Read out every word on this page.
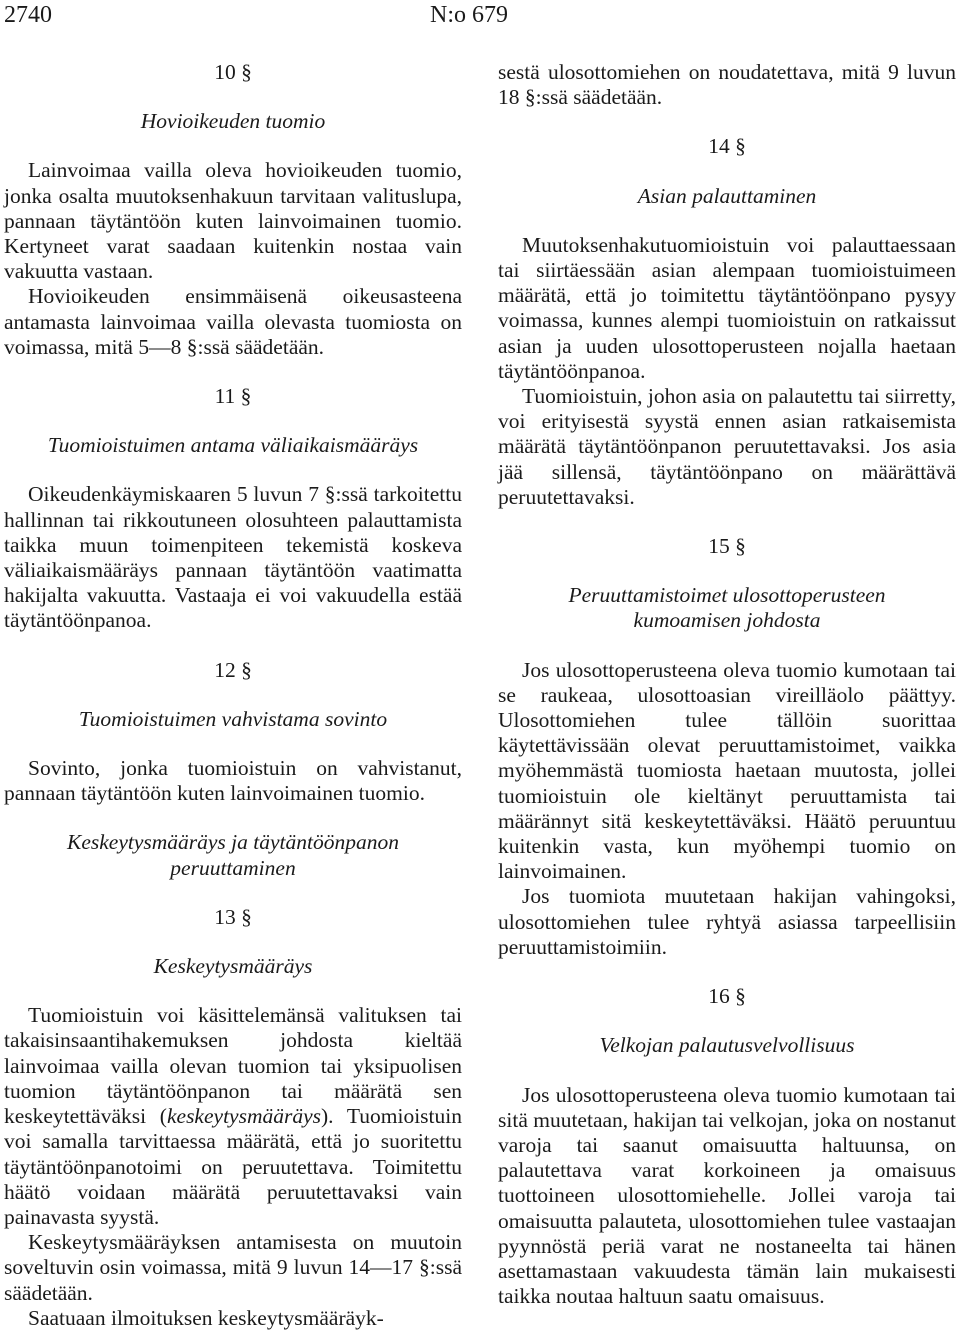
2740	N:o 679

10 §

Hovioikeuden tuomio

Lainvoimaa vailla oleva hovioikeuden tuomio, jonka osalta muutoksenhakuun tarvitaan valituslupa, pannaan täytäntöön kuten lainvoimainen tuomio. Kertyneet varat saadaan kuitenkin nostaa vain vakuutta vastaan.

Hovioikeuden ensimmäisenä oikeusasteena antamasta lainvoimaa vailla olevasta tuomiosta on voimassa, mitä 5—8 §:ssä säädetään.

11 §

Tuomioistuimen antama väliaikaismääräys

Oikeudenkäymiskaaren 5 luvun 7 §:ssä tarkoitettu hallinnan tai rikkoutuneen olosuhteen palauttamista taikka muun toimenpiteen tekemistä koskeva väliaikaismääräys pannaan täytäntöön vaatimatta hakijalta vakuutta. Vastaaja ei voi vakuudella estää täytäntöönpanoa.

12 §

Tuomioistuimen vahvistama sovinto

Sovinto, jonka tuomioistuin on vahvistanut, pannaan täytäntöön kuten lainvoimainen tuomio.

Keskeytysmääräys ja täytäntöönpanon peruuttaminen

13 §

Keskeytysmääräys

Tuomioistuin voi käsittelemänsä valituksen tai takaisinsaantihakemuksen johdosta kieltää lainvoimaa vailla olevan tuomion tai yksipuolisen tuomion täytäntöönpanon tai määrätä sen keskeytettäväksi (keskeytysmääräys). Tuomioistuin voi samalla tarvittaessa määrätä, että jo suoritettu täytäntöönpanotoimi on peruutettava. Toimitettu häätö voidaan määrätä peruutettavaksi vain painavasta syystä.

Keskeytysmääräyksen antamisesta on muutoin soveltuvin osin voimassa, mitä 9 luvun 14—17 §:ssä säädetään.

Saatuaan ilmoituksen keskeytysmääräyk-

sestä ulosottomiehen on noudatettava, mitä 9 luvun 18 §:ssä säädetään.

14 §

Asian palauttaminen

Muutoksenhakutuomioistuin voi palauttaessaan tai siirtäessään asian alempaan tuomioistuimeen määrätä, että jo toimitettu täytäntöönpano pysyy voimassa, kunnes alempi tuomioistuin on ratkaissut asian ja uuden ulosottoperusteen nojalla haetaan täytäntöönpanoa.

Tuomioistuin, johon asia on palautettu tai siirretty, voi erityisestä syystä ennen asian ratkaisemista määrätä täytäntöönpanon peruutettavaksi. Jos asia jää sillensä, täytäntöönpano on määrättävä peruutettavaksi.

15 §

Peruuttamistoimet ulosottoperusteen kumoamisen johdosta

Jos ulosottoperusteena oleva tuomio kumotaan tai se raukeaa, ulosottoasian vireilläolo päättyy. Ulosottomiehen tulee tällöin suorittaa käytettävissään olevat peruuttamistoimet, vaikka myöhemmästä tuomiosta haetaan muutosta, jollei tuomioistuin ole kieltänyt peruuttamista tai määrännyt sitä keskeytettäväksi. Häätö peruuntuu kuitenkin vasta, kun myöhempi tuomio on lainvoimainen.

Jos tuomiota muutetaan hakijan vahingoksi, ulosottomiehen tulee ryhtyä asiassa tarpeellisiin peruuttamistoimiin.

16 §

Velkojan palautusvelvollisuus

Jos ulosottoperusteena oleva tuomio kumotaan tai sitä muutetaan, hakijan tai velkojan, joka on nostanut varoja tai saanut omaisuutta haltuunsa, on palautettava varat korkoineen ja omaisuus tuottoineen ulosottomiehelle. Jollei varoja tai omaisuutta palauteta, ulosottomiehen tulee vastaajan pyynnöstä periä varat ne nostaneelta tai hänen asettamastaan vakuudesta tämän lain mukaisesti taikka noutaa haltuun saatu omaisuus.
